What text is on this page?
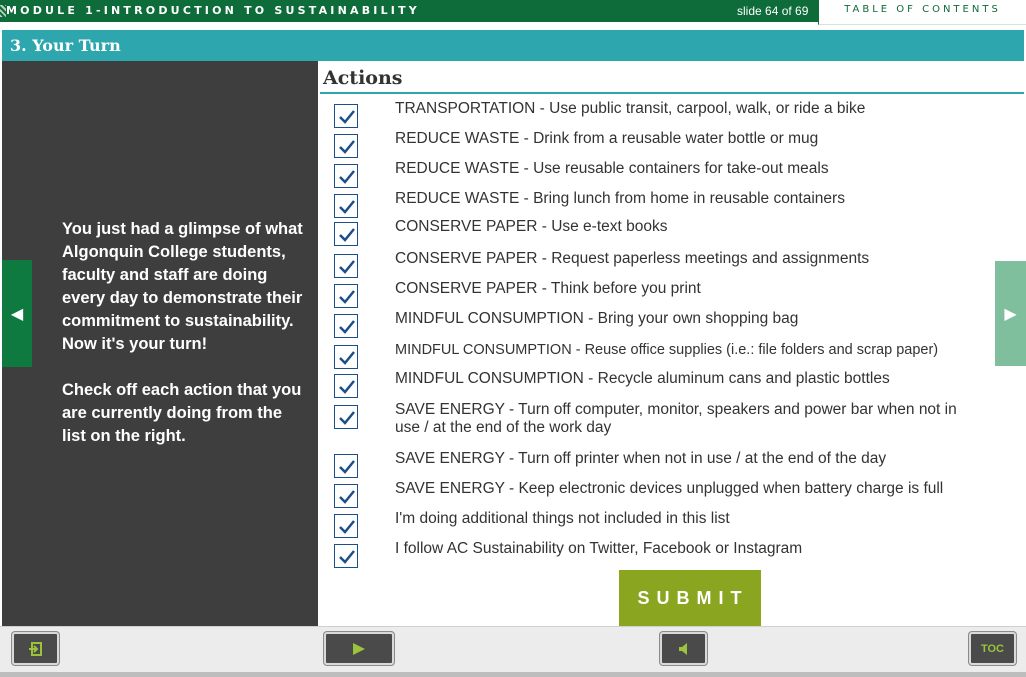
MODULE 1-INTRODUCTION TO SUSTAINABILITY	slide 64 of 69	TABLE OF CONTENTS
3. Your Turn

You just had a glimpse of what Algonquin College students, faculty and staff are doing every day to demonstrate their commitment to sustainability. Now it's your turn!

Check off each action that you are currently doing from the list on the right.

◀	▶
Actions
TRANSPORTATION - Use public transit, carpool, walk, or ride a bike
REDUCE WASTE - Drink from a reusable water bottle or mug
REDUCE WASTE - Use reusable containers for take-out meals
REDUCE WASTE - Bring lunch from home in reusable containers
CONSERVE PAPER - Use e-text books
CONSERVE PAPER - Request paperless meetings and assignments
CONSERVE PAPER - Think before you print
MINDFUL CONSUMPTION - Bring your own shopping bag
MINDFUL CONSUMPTION - Reuse office supplies (i.e.: file folders and scrap paper)
MINDFUL CONSUMPTION - Recycle aluminum cans and plastic bottles
SAVE ENERGY - Turn off computer, monitor, speakers and power bar when not in use / at the end of the work day
SAVE ENERGY - Turn off printer when not in use / at the end of the day
SAVE ENERGY - Keep electronic devices unplugged when battery charge is full
I'm doing additional things not included in this list
I follow AC Sustainability on Twitter, Facebook or Instagram
SUBMIT
TOC
